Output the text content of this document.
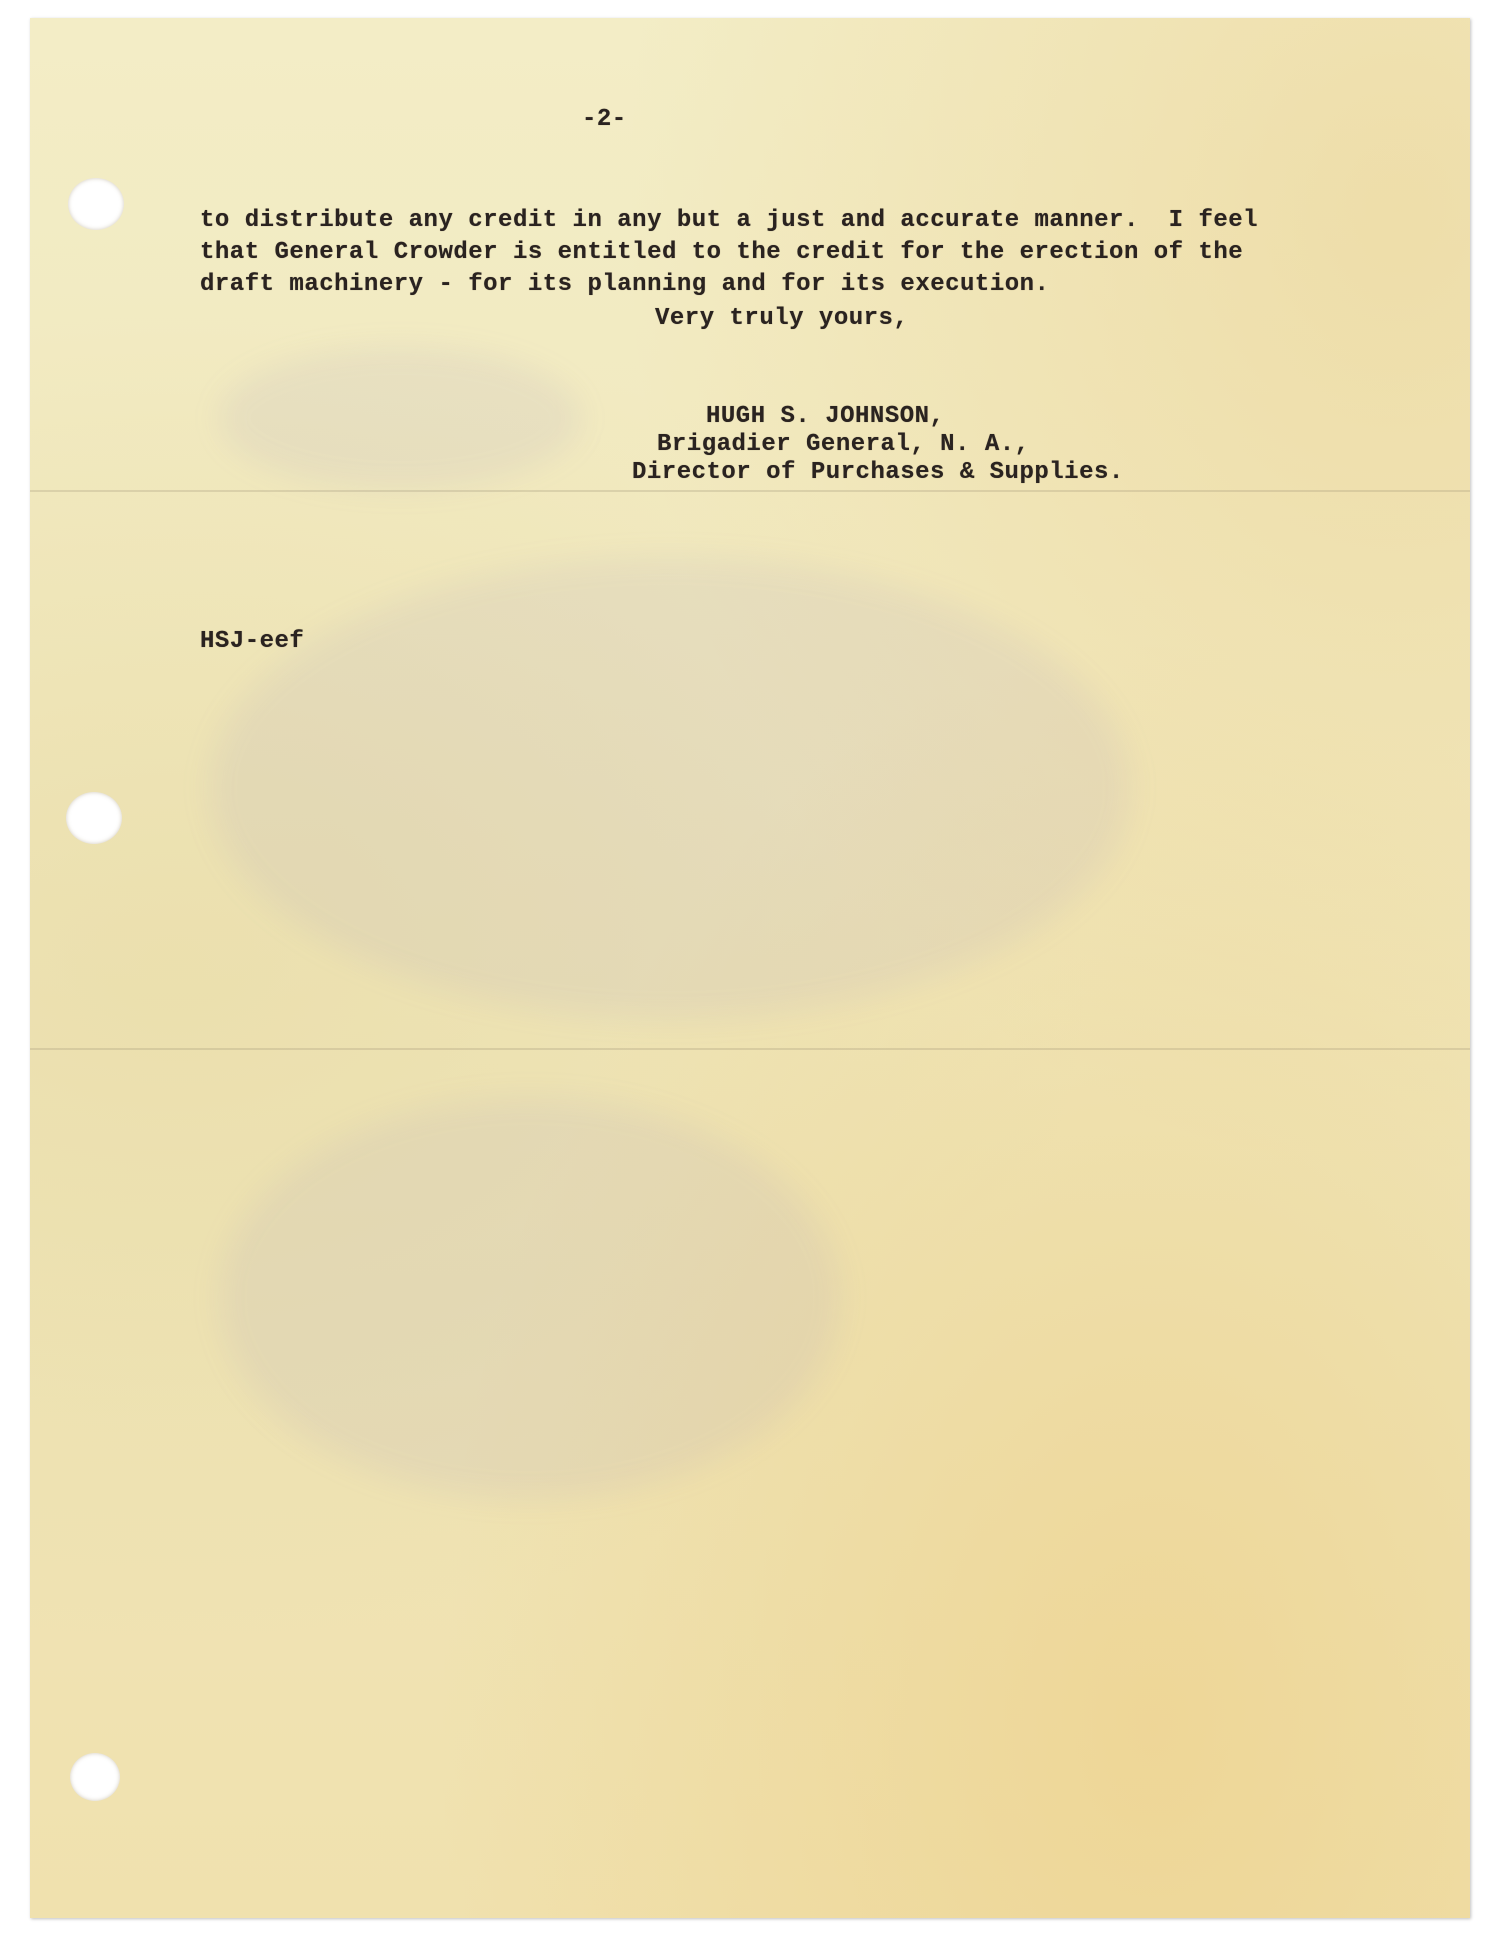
-2-
to distribute any credit in any but a just and accurate manner.  I feel
that General Crowder is entitled to the credit for the erection of the
draft machinery - for its planning and for its execution.
Very truly yours,
HUGH S. JOHNSON,
Brigadier General, N. A.,
Director of Purchases & Supplies.
HSJ-eef
